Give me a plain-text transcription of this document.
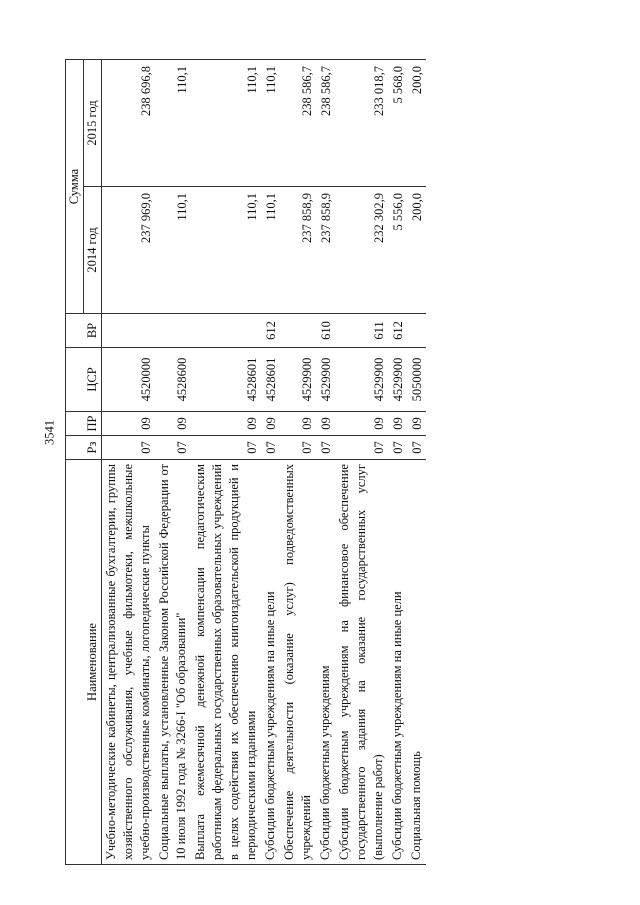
3541
Наименование	Рз	ПР	ЦСР	ВР	Сумма	
					2014 год	2015 год
Учебно-методические кабинеты, централизованные бухгалтерии, группы хозяйственного обслуживания, учебные фильмотеки, межшкольные учебно-производственные комбинаты, логопедические пункты	07	09	4520000		237 969,0	238 696,8
Социальные выплаты, установленные Законом Российской Федерации от 10 июля 1992 года № 3266-I "Об образовании"	07	09	4528600		110,1	110,1
Выплата ежемесячной денежной компенсации педагогическим работникам федеральных государственных образовательных учреждений в целях содействия их обеспечению книгоиздательской продукцией и периодическими изданиями	07	09	4528601		110,1	110,1
Субсидии бюджетным учреждениям на иные цели	07	09	4528601	612	110,1	110,1
Обеспечение деятельности (оказание услуг) подведомственных учреждений	07	09	4529900		237 858,9	238 586,7
Субсидии бюджетным учреждениям	07	09	4529900	610	237 858,9	238 586,7
Субсидии бюджетным учреждениям на финансовое обеспечение государственного задания на оказание государственных услуг (выполнение работ)	07	09	4529900	611	232 302,9	233 018,7
Субсидии бюджетным учреждениям на иные цели	07	09	4529900	612	5 556,0	5 568,0
Социальная помощь	07	09	5050000		200,0	200,0
